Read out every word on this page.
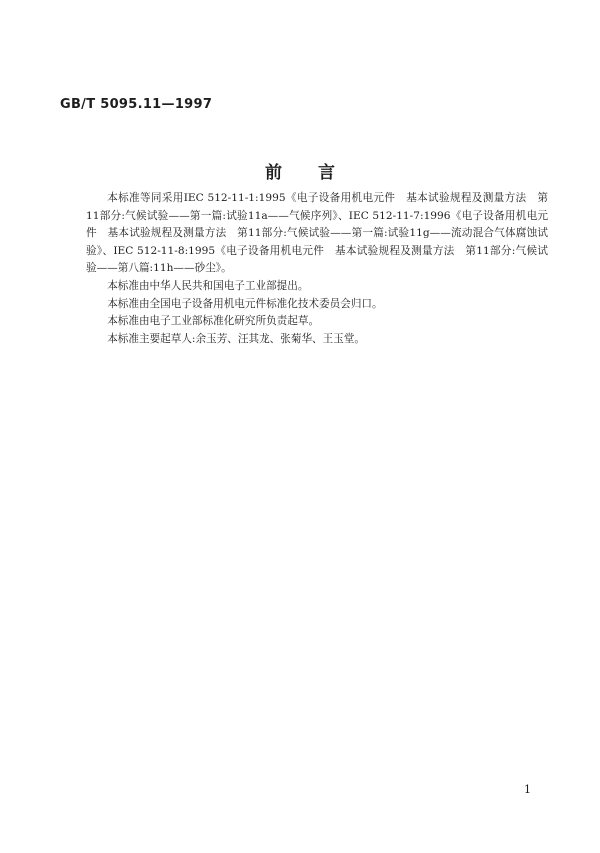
GB/T 5095.11—1997
前言

本标准等同采用IEC 512-11-1:1995《电子设备用机电元件　基本试验规程及测量方法　第11部分:气候试验——第一篇:试验11a——气候序列》、IEC 512-11-7:1996《电子设备用机电元件　基本试验规程及测量方法　第11部分:气候试验——第一篇:试验11g——流动混合气体腐蚀试验》、IEC 512-11-8:1995《电子设备用机电元件　基本试验规程及测量方法　第11部分:气候试验——第八篇:11h——砂尘》。

本标准由中华人民共和国电子工业部提出。

本标准由全国电子设备用机电元件标准化技术委员会归口。

本标准由电子工业部标准化研究所负责起草。

本标准主要起草人:余玉芳、汪其龙、张菊华、王玉堂。

1
